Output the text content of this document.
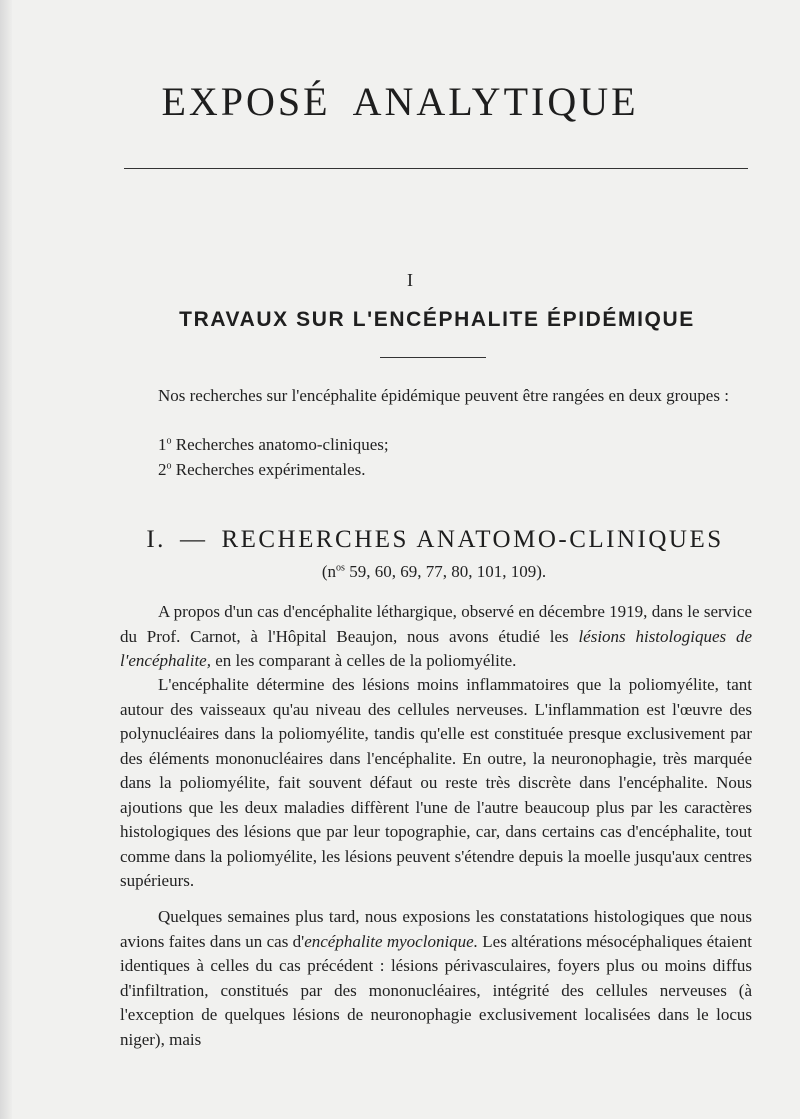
EXPOSÉ ANALYTIQUE

I

TRAVAUX SUR L'ENCÉPHALITE ÉPIDÉMIQUE

Nos recherches sur l'encéphalite épidémique peuvent être rangées en deux groupes :

1$^o$ Recherches anatomo-cliniques;

2$^o$ Recherches expérimentales.

I. — RECHERCHES ANATOMO-CLINIQUES

($n^{os}$ 59, 60, 69, 77, 80, 101, 109).

A propos d'un cas d'encéphalite léthargique, observé en décembre 1919, dans le service du Prof. Carnot, à l'Hôpital Beaujon, nous avons étudié les lésions histologiques de l'encéphalite, en les comparant à celles de la poliomyélite.

L'encéphalite détermine des lésions moins inflammatoires que la poliomyélite, tant autour des vaisseaux qu'au niveau des cellules nerveuses. L'inflammation est l'œuvre des polynucléaires dans la poliomyélite, tandis qu'elle est constituée presque exclusivement par des éléments mononucléaires dans l'encéphalite. En outre, la neuronophagie, très marquée dans la poliomyélite, fait souvent défaut ou reste très discrète dans l'encéphalite. Nous ajoutions que les deux maladies diffèrent l'une de l'autre beaucoup plus par les caractères histologiques des lésions que par leur topographie, car, dans certains cas d'encéphalite, tout comme dans la poliomyélite, les lésions peuvent s'étendre depuis la moelle jusqu'aux centres supérieurs.

Quelques semaines plus tard, nous exposions les constatations histologiques que nous avions faites dans un cas d'encéphalite myoclonique. Les altérations mésocéphaliques étaient identiques à celles du cas précédent : lésions périvasculaires, foyers plus ou moins diffus d'infiltration, constitués par des mononucléaires, intégrité des cellules nerveuses (à l'exception de quelques lésions de neuronophagie exclusivement localisées dans le locus niger), mais
